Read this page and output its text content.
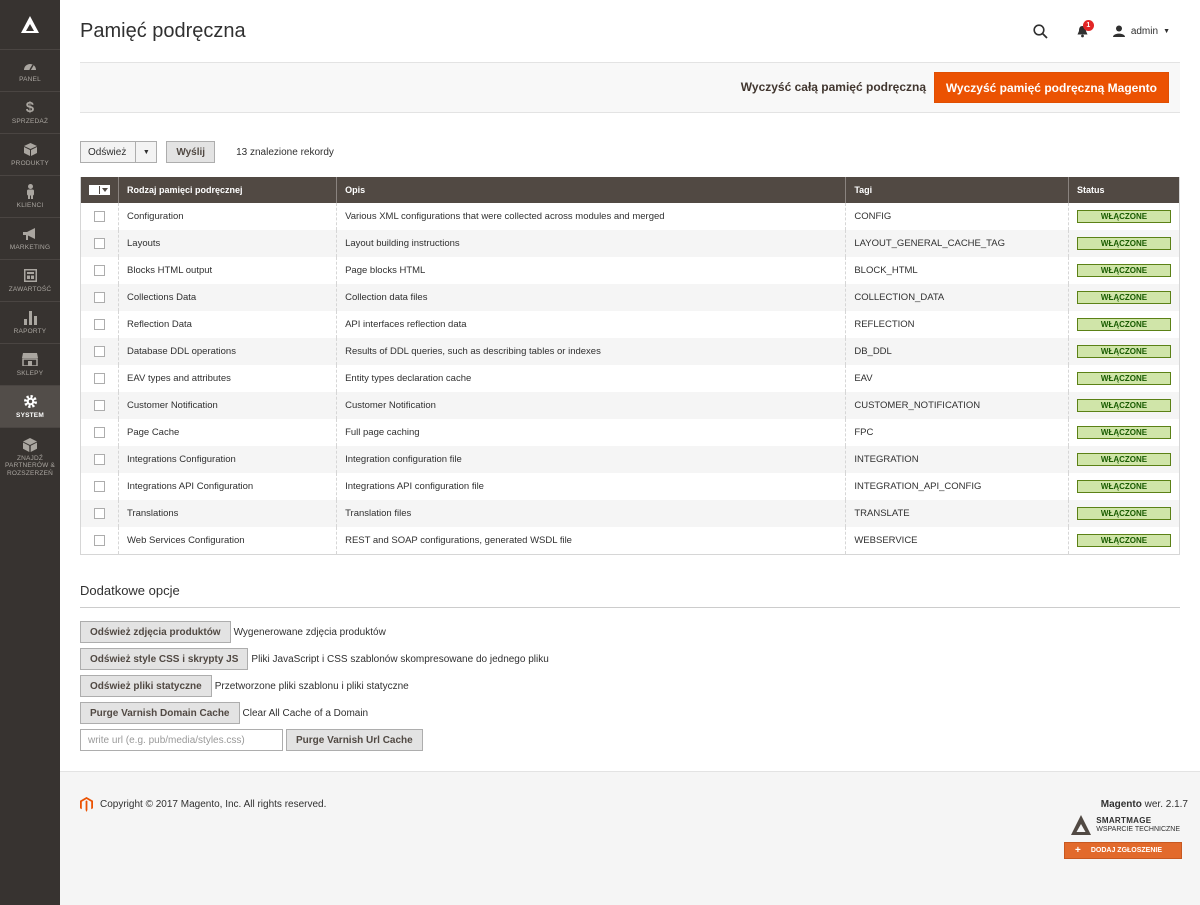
PANEL
$
SPRZEDAŻ
PRODUKTY
KLIENCI
MARKETING
ZAWARTOŚĆ
RAPORTY
SKLEPY
SYSTEM
ZNAJDŹ PARTNERÓW & ROZSZERZEŃ
Pamięć podręczna	1
admin ▼
Wyczyść całą pamięć podręczną	Wyczyść pamięć podręczną Magento
Odśwież	▼	Wyślij	13 znalezione rekordy
	Rodzaj pamięci podręcznej	Opis	Tagi	Status
	Configuration	Various XML configurations that were collected across modules and merged	CONFIG	WŁĄCZONE

	Layouts	Layout building instructions	LAYOUT_GENERAL_CACHE_TAG	WŁĄCZONE

	Blocks HTML output	Page blocks HTML	BLOCK_HTML	WŁĄCZONE

	Collections Data	Collection data files	COLLECTION_DATA	WŁĄCZONE

	Reflection Data	API interfaces reflection data	REFLECTION	WŁĄCZONE

	Database DDL operations	Results of DDL queries, such as describing tables or indexes	DB_DDL	WŁĄCZONE

	EAV types and attributes	Entity types declaration cache	EAV	WŁĄCZONE

	Customer Notification	Customer Notification	CUSTOMER_NOTIFICATION	WŁĄCZONE

	Page Cache	Full page caching	FPC	WŁĄCZONE

	Integrations Configuration	Integration configuration file	INTEGRATION	WŁĄCZONE

	Integrations API Configuration	Integrations API configuration file	INTEGRATION_API_CONFIG	WŁĄCZONE

	Translations	Translation files	TRANSLATE	WŁĄCZONE

	Web Services Configuration	REST and SOAP configurations, generated WSDL file	WEBSERVICE	WŁĄCZONE
Dodatkowe opcje
Odśwież zdjęcia produktów	Wygenerowane zdjęcia produktów
Odśwież style CSS i skrypty JS	Pliki JavaScript i CSS szablonów skompresowane do jednego pliku
Odśwież pliki statyczne	Przetworzone pliki szablonu i pliki statyczne
Purge Varnish Domain Cache	Clear All Cache of a Domain
write url (e.g. pub/media/styles.css)	Purge Varnish Url Cache
Copyright © 2017 Magento, Inc. All rights reserved.	Magento wer. 2.1.7
SMARTMAGE
WSPARCIE TECHNICZNE
+ DODAJ ZGŁOSZENIE
